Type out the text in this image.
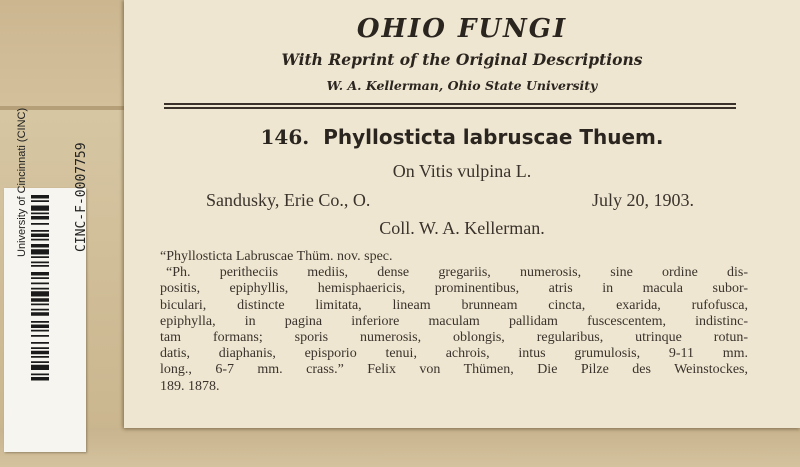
OHIO FUNGI
With Reprint of the Original Descriptions
W. A. Kellerman, Ohio State University
146. Phyllosticta labruscae Thuem.
On Vitis vulpina L.
Sandusky, Erie Co., O.	July 20, 1903.
Coll. W. A. Kellerman.
“Phyllosticta Labruscae Thüm. nov. spec.
“Ph. peritheciis mediis, dense gregariis, numerosis, sine ordine dis-
positis, epiphyllis, hemisphaericis, prominentibus, atris in macula subor-
biculari, distincte limitata, lineam brunneam cincta, exarida, rufofusca,
epiphylla, in pagina inferiore maculam pallidam fuscescentem, indistinc-
tam formans; sporis numerosis, oblongis, regularibus, utrinque rotun-
datis, diaphanis, episporio tenui, achrois, intus grumulosis, 9-11 mm.
long., 6-7 mm. crass.” Felix von Thümen, Die Pilze des Weinstockes,
189. 1878.
University of Cincinnati (CINC)	CINC-F-0007759
